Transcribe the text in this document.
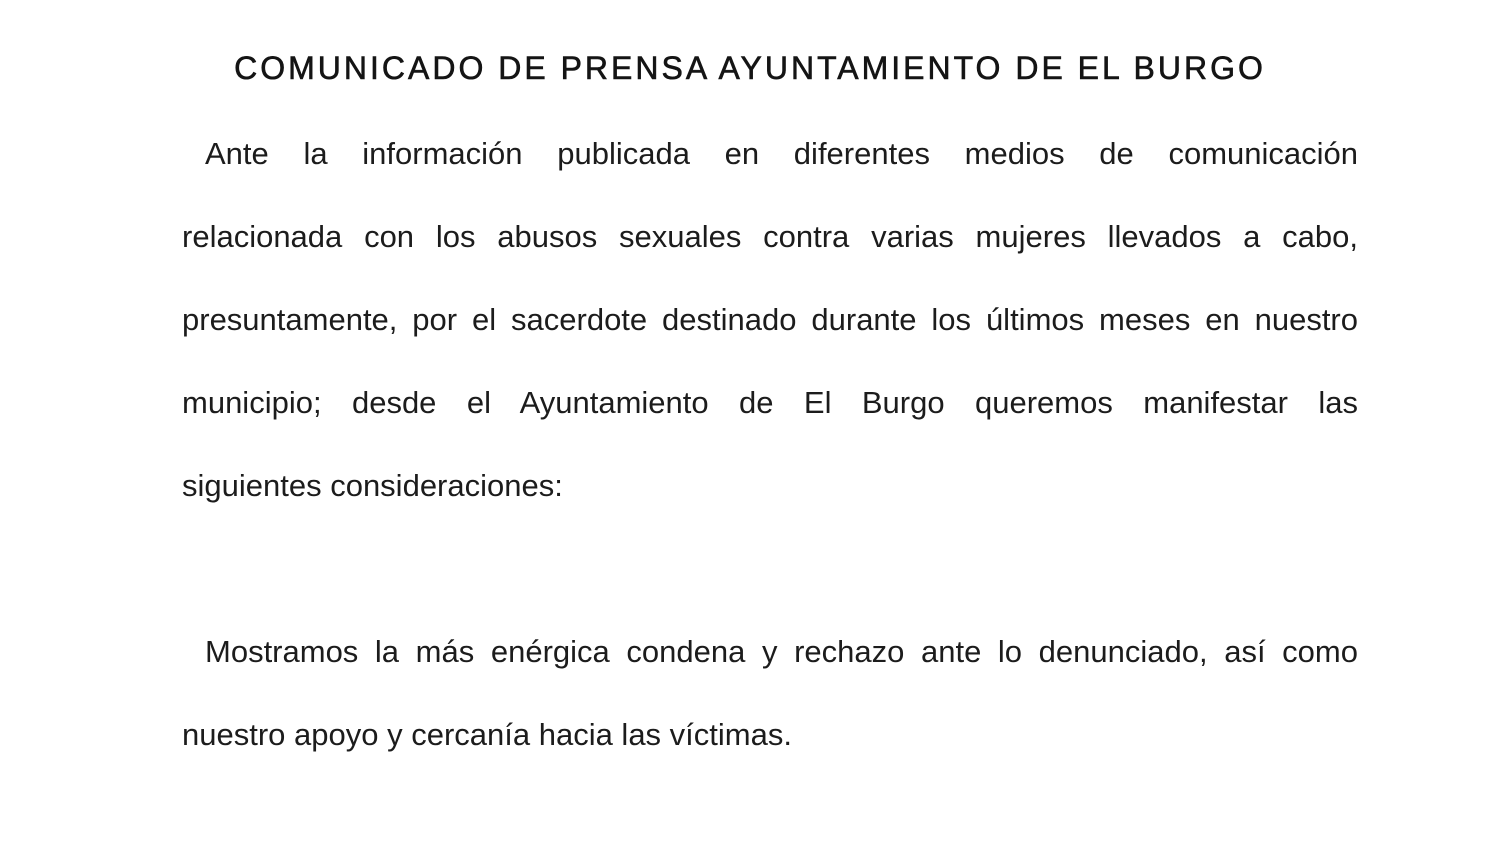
COMUNICADO DE PRENSA AYUNTAMIENTO DE EL BURGO

Ante la información publicada en diferentes medios de comunicación

relacionada con los abusos sexuales contra varias mujeres llevados a cabo,

presuntamente, por el sacerdote destinado durante los últimos meses en nuestro

municipio; desde el Ayuntamiento de El Burgo queremos manifestar las

siguientes consideraciones:

Mostramos la más enérgica condena y rechazo ante lo denunciado, así como

nuestro apoyo y cercanía hacia las víctimas.
